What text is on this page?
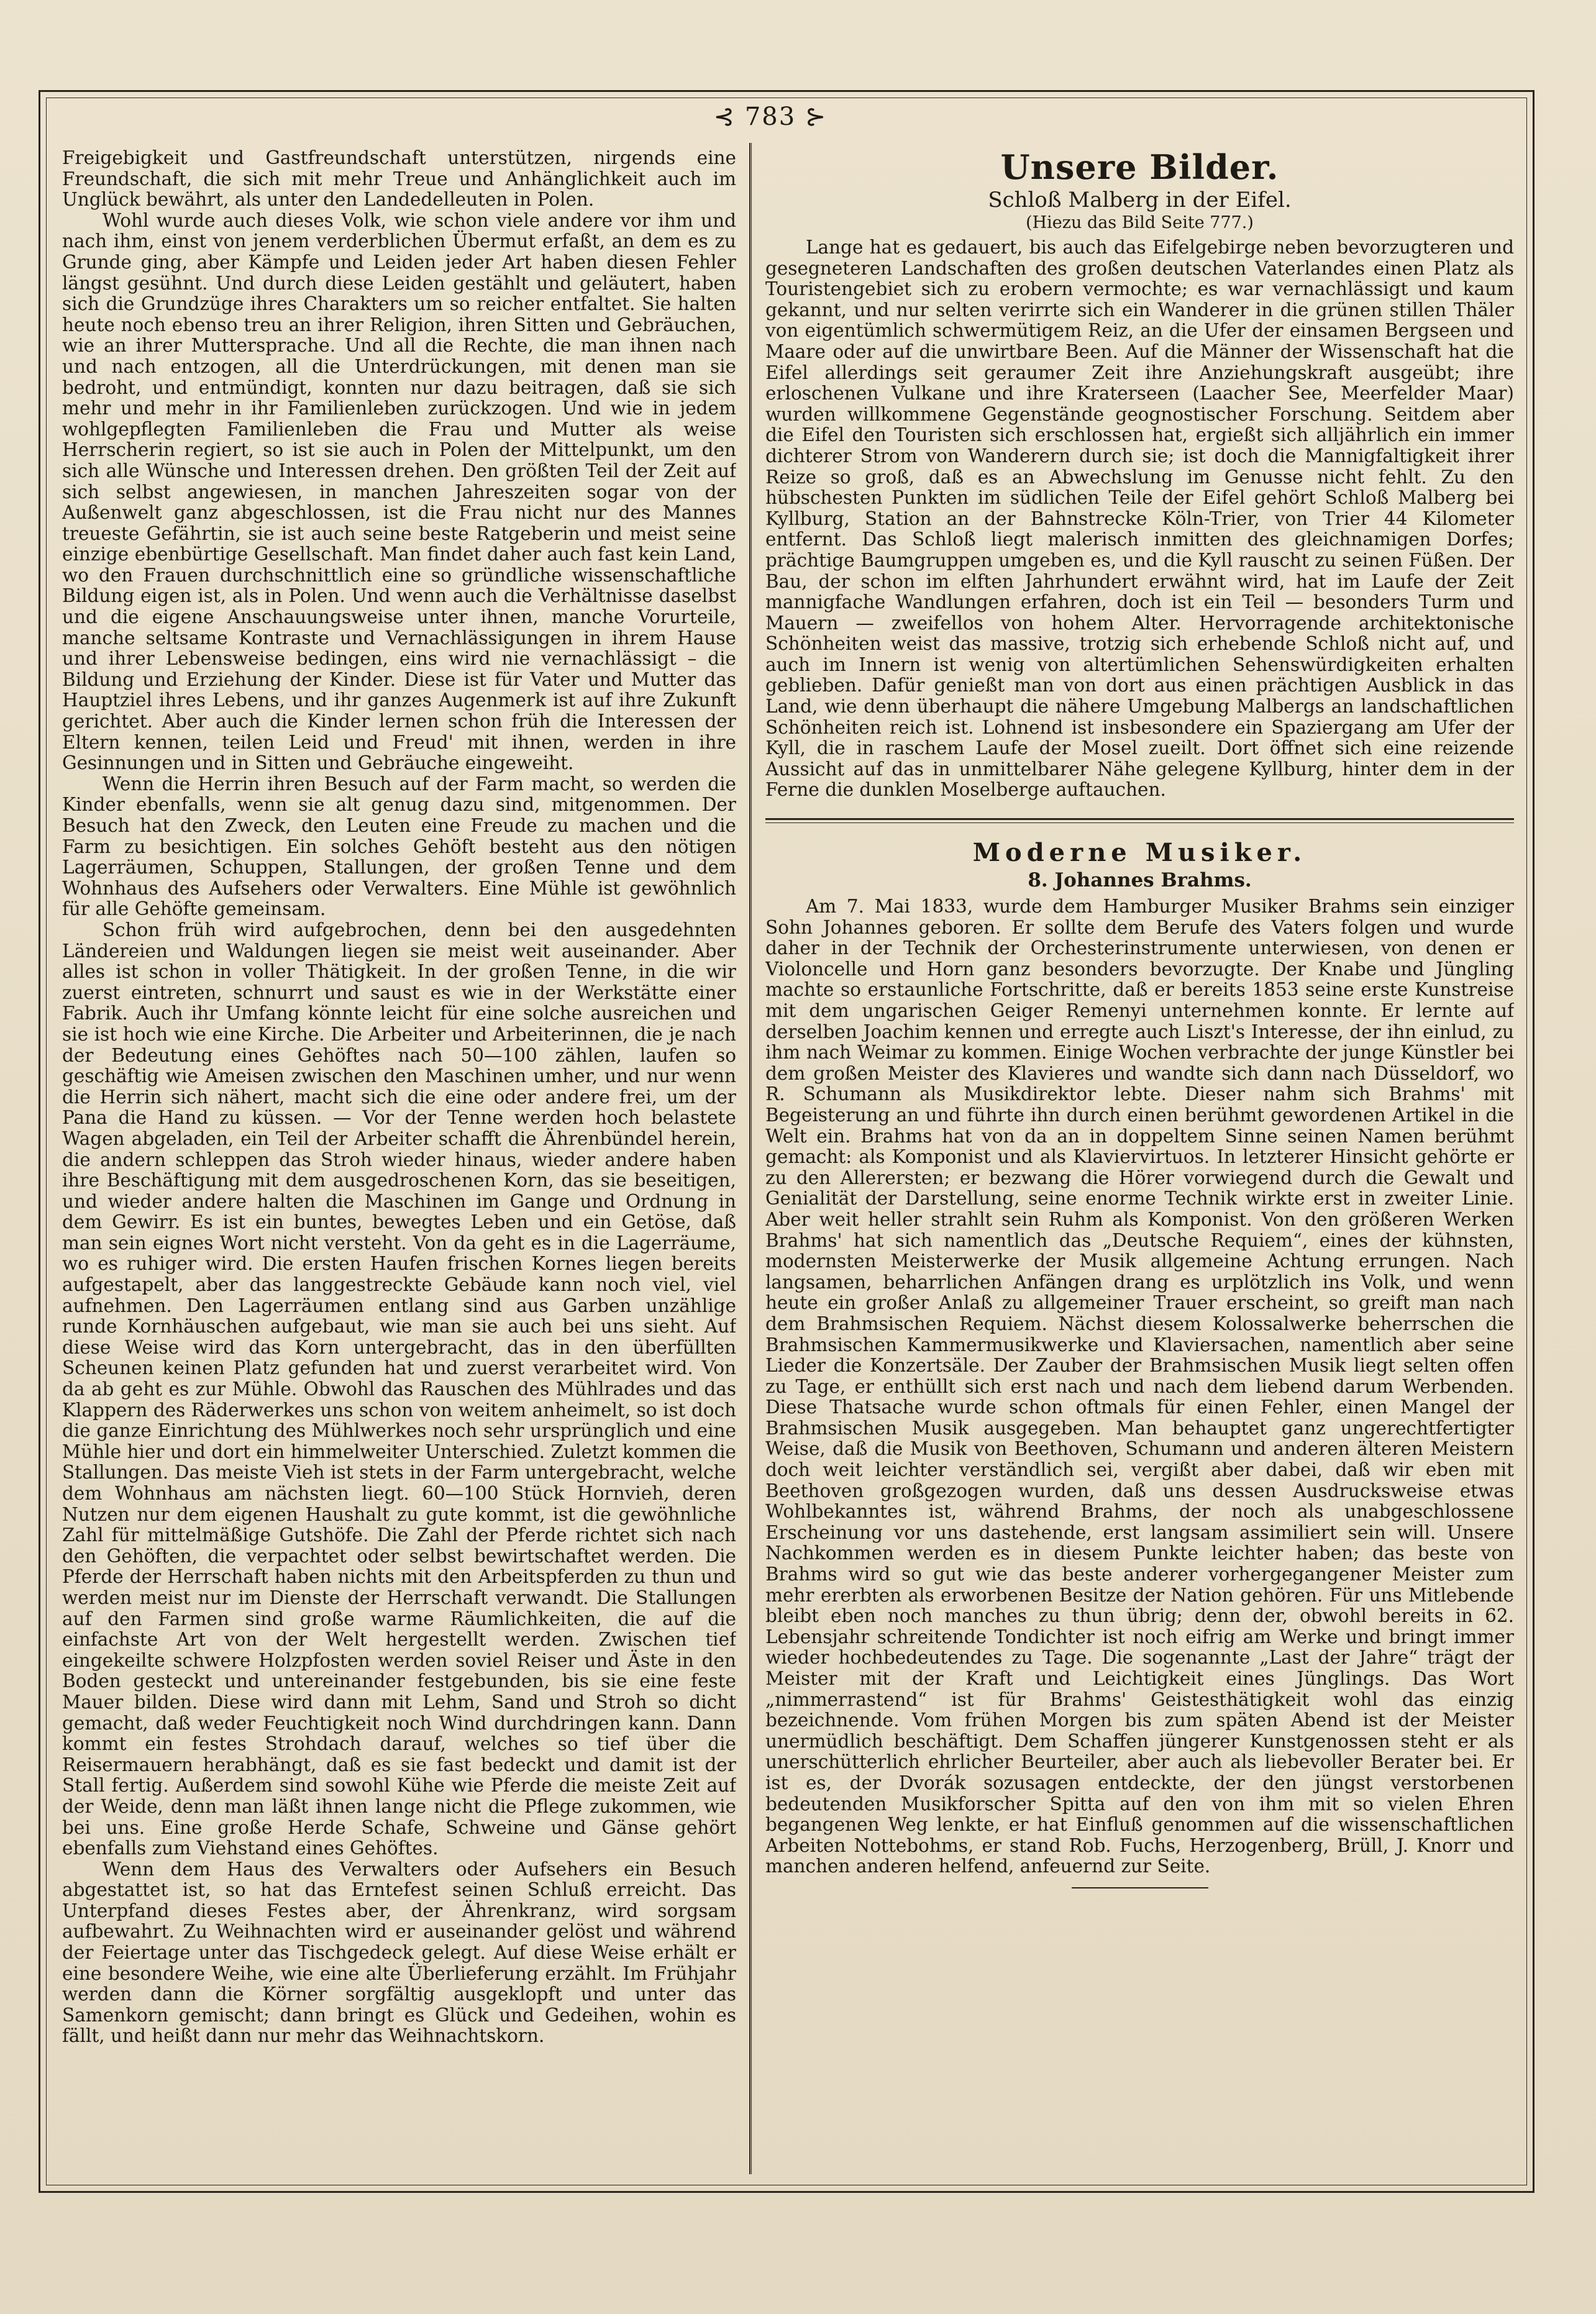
⊰ 783 ⊱

Freigebigkeit und Gastfreundschaft unterstützen, nirgends eine Freundschaft, die sich mit mehr Treue und Anhänglichkeit auch im Unglück bewährt, als unter den Landedelleuten in Polen.

Wohl wurde auch dieses Volk, wie schon viele andere vor ihm und nach ihm, einst von jenem verderblichen Übermut erfaßt, an dem es zu Grunde ging, aber Kämpfe und Leiden jeder Art haben diesen Fehler längst gesühnt. Und durch diese Leiden gestählt und geläutert, haben sich die Grundzüge ihres Charakters um so reicher entfaltet. Sie halten heute noch ebenso treu an ihrer Religion, ihren Sitten und Gebräuchen, wie an ihrer Muttersprache. Und all die Rechte, die man ihnen nach und nach entzogen, all die Unterdrückungen, mit denen man sie bedroht, und entmündigt, konnten nur dazu beitragen, daß sie sich mehr und mehr in ihr Familienleben zurückzogen. Und wie in jedem wohlgepflegten Familienleben die Frau und Mutter als weise Herrscherin regiert, so ist sie auch in Polen der Mittelpunkt, um den sich alle Wünsche und Interessen drehen. Den größten Teil der Zeit auf sich selbst angewiesen, in manchen Jahreszeiten sogar von der Außenwelt ganz abgeschlossen, ist die Frau nicht nur des Mannes treueste Gefährtin, sie ist auch seine beste Ratgeberin und meist seine einzige ebenbürtige Gesellschaft. Man findet daher auch fast kein Land, wo den Frauen durchschnittlich eine so gründliche wissenschaftliche Bildung eigen ist, als in Polen. Und wenn auch die Verhältnisse daselbst und die eigene Anschauungsweise unter ihnen, manche Vorurteile, manche seltsame Kontraste und Vernachlässigungen in ihrem Hause und ihrer Lebensweise bedingen, eins wird nie vernachlässigt – die Bildung und Erziehung der Kinder. Diese ist für Vater und Mutter das Hauptziel ihres Lebens, und ihr ganzes Augenmerk ist auf ihre Zukunft gerichtet. Aber auch die Kinder lernen schon früh die Interessen der Eltern kennen, teilen Leid und Freud' mit ihnen, werden in ihre Gesinnungen und in Sitten und Gebräuche eingeweiht.

Wenn die Herrin ihren Besuch auf der Farm macht, so werden die Kinder ebenfalls, wenn sie alt genug dazu sind, mitgenommen. Der Besuch hat den Zweck, den Leuten eine Freude zu machen und die Farm zu besichtigen. Ein solches Gehöft besteht aus den nötigen Lagerräumen, Schuppen, Stallungen, der großen Tenne und dem Wohnhaus des Aufsehers oder Verwalters. Eine Mühle ist gewöhnlich für alle Gehöfte gemeinsam.

Schon früh wird aufgebrochen, denn bei den ausgedehnten Ländereien und Waldungen liegen sie meist weit auseinander. Aber alles ist schon in voller Thätigkeit. In der großen Tenne, in die wir zuerst eintreten, schnurrt und saust es wie in der Werkstätte einer Fabrik. Auch ihr Umfang könnte leicht für eine solche ausreichen und sie ist hoch wie eine Kirche. Die Arbeiter und Arbeiterinnen, die je nach der Bedeutung eines Gehöftes nach 50—100 zählen, laufen so geschäftig wie Ameisen zwischen den Maschinen umher, und nur wenn die Herrin sich nähert, macht sich die eine oder andere frei, um der Pana die Hand zu küssen. — Vor der Tenne werden hoch belastete Wagen abgeladen, ein Teil der Arbeiter schafft die Ährenbündel herein, die andern schleppen das Stroh wieder hinaus, wieder andere haben ihre Beschäftigung mit dem ausgedroschenen Korn, das sie beseitigen, und wieder andere halten die Maschinen im Gange und Ordnung in dem Gewirr. Es ist ein buntes, bewegtes Leben und ein Getöse, daß man sein eignes Wort nicht versteht. Von da geht es in die Lagerräume, wo es ruhiger wird. Die ersten Haufen frischen Kornes liegen bereits aufgestapelt, aber das langgestreckte Gebäude kann noch viel, viel aufnehmen. Den Lagerräumen entlang sind aus Garben unzählige runde Kornhäuschen aufgebaut, wie man sie auch bei uns sieht. Auf diese Weise wird das Korn untergebracht, das in den überfüllten Scheunen keinen Platz gefunden hat und zuerst verarbeitet wird. Von da ab geht es zur Mühle. Obwohl das Rauschen des Mühlrades und das Klappern des Räderwerkes uns schon von weitem anheimelt, so ist doch die ganze Einrichtung des Mühlwerkes noch sehr ursprünglich und eine Mühle hier und dort ein himmelweiter Unterschied. Zuletzt kommen die Stallungen. Das meiste Vieh ist stets in der Farm untergebracht, welche dem Wohnhaus am nächsten liegt. 60—100 Stück Hornvieh, deren Nutzen nur dem eigenen Haushalt zu gute kommt, ist die gewöhnliche Zahl für mittelmäßige Gutshöfe. Die Zahl der Pferde richtet sich nach den Gehöften, die verpachtet oder selbst bewirtschaftet werden. Die Pferde der Herrschaft haben nichts mit den Arbeitspferden zu thun und werden meist nur im Dienste der Herrschaft verwandt. Die Stallungen auf den Farmen sind große warme Räumlichkeiten, die auf die einfachste Art von der Welt hergestellt werden. Zwischen tief eingekeilte schwere Holzpfosten werden soviel Reiser und Äste in den Boden gesteckt und untereinander festgebunden, bis sie eine feste Mauer bilden. Diese wird dann mit Lehm, Sand und Stroh so dicht gemacht, daß weder Feuchtigkeit noch Wind durchdringen kann. Dann kommt ein festes Strohdach darauf, welches so tief über die Reisermauern herabhängt, daß es sie fast bedeckt und damit ist der Stall fertig. Außerdem sind sowohl Kühe wie Pferde die meiste Zeit auf der Weide, denn man läßt ihnen lange nicht die Pflege zukommen, wie bei uns. Eine große Herde Schafe, Schweine und Gänse gehört ebenfalls zum Viehstand eines Gehöftes.

Wenn dem Haus des Verwalters oder Aufsehers ein Besuch abgestattet ist, so hat das Erntefest seinen Schluß erreicht. Das Unterpfand dieses Festes aber, der Ährenkranz, wird sorgsam aufbewahrt. Zu Weihnachten wird er auseinander gelöst und während der Feiertage unter das Tischgedeck gelegt. Auf diese Weise erhält er eine besondere Weihe, wie eine alte Überlieferung erzählt. Im Frühjahr werden dann die Körner sorgfältig ausgeklopft und unter das Samenkorn gemischt; dann bringt es Glück und Gedeihen, wohin es fällt, und heißt dann nur mehr das Weihnachtskorn.

Unsere Bilder.
Schloß Malberg in der Eifel.
(Hiezu das Bild Seite 777.)

Lange hat es gedauert, bis auch das Eifelgebirge neben bevorzugteren und gesegneteren Landschaften des großen deutschen Vaterlandes einen Platz als Touristengebiet sich zu erobern vermochte; es war vernachlässigt und kaum gekannt, und nur selten verirrte sich ein Wanderer in die grünen stillen Thäler von eigentümlich schwermütigem Reiz, an die Ufer der einsamen Bergseen und Maare oder auf die unwirtbare Been. Auf die Männer der Wissenschaft hat die Eifel allerdings seit geraumer Zeit ihre Anziehungskraft ausgeübt; ihre erloschenen Vulkane und ihre Kraterseen (Laacher See, Meerfelder Maar) wurden willkommene Gegenstände geognostischer Forschung. Seitdem aber die Eifel den Touristen sich erschlossen hat, ergießt sich alljährlich ein immer dichterer Strom von Wanderern durch sie; ist doch die Mannigfaltigkeit ihrer Reize so groß, daß es an Abwechslung im Genusse nicht fehlt. Zu den hübschesten Punkten im südlichen Teile der Eifel gehört Schloß Malberg bei Kyllburg, Station an der Bahnstrecke Köln-Trier, von Trier 44 Kilometer entfernt. Das Schloß liegt malerisch inmitten des gleichnamigen Dorfes; prächtige Baumgruppen umgeben es, und die Kyll rauscht zu seinen Füßen. Der Bau, der schon im elften Jahrhundert erwähnt wird, hat im Laufe der Zeit mannigfache Wandlungen erfahren, doch ist ein Teil — besonders Turm und Mauern — zweifellos von hohem Alter. Hervorragende architektonische Schönheiten weist das massive, trotzig sich erhebende Schloß nicht auf, und auch im Innern ist wenig von altertümlichen Sehenswürdigkeiten erhalten geblieben. Dafür genießt man von dort aus einen prächtigen Ausblick in das Land, wie denn überhaupt die nähere Umgebung Malbergs an landschaftlichen Schönheiten reich ist. Lohnend ist insbesondere ein Spaziergang am Ufer der Kyll, die in raschem Laufe der Mosel zueilt. Dort öffnet sich eine reizende Aussicht auf das in unmittelbarer Nähe gelegene Kyllburg, hinter dem in der Ferne die dunklen Moselberge auftauchen.

Moderne Musiker.
8. Johannes Brahms.

Am 7. Mai 1833, wurde dem Hamburger Musiker Brahms sein einziger Sohn Johannes geboren. Er sollte dem Berufe des Vaters folgen und wurde daher in der Technik der Orchesterinstrumente unterwiesen, von denen er Violoncelle und Horn ganz besonders bevorzugte. Der Knabe und Jüngling machte so erstaunliche Fortschritte, daß er bereits 1853 seine erste Kunstreise mit dem ungarischen Geiger Remenyi unternehmen konnte. Er lernte auf derselben Joachim kennen und erregte auch Liszt's Interesse, der ihn einlud, zu ihm nach Weimar zu kommen. Einige Wochen verbrachte der junge Künstler bei dem großen Meister des Klavieres und wandte sich dann nach Düsseldorf, wo R. Schumann als Musikdirektor lebte. Dieser nahm sich Brahms' mit Begeisterung an und führte ihn durch einen berühmt gewordenen Artikel in die Welt ein. Brahms hat von da an in doppeltem Sinne seinen Namen berühmt gemacht: als Komponist und als Klaviervirtuos. In letzterer Hinsicht gehörte er zu den Allerersten; er bezwang die Hörer vorwiegend durch die Gewalt und Genialität der Darstellung, seine enorme Technik wirkte erst in zweiter Linie. Aber weit heller strahlt sein Ruhm als Komponist. Von den größeren Werken Brahms' hat sich namentlich das „Deutsche Requiem“, eines der kühnsten, modernsten Meisterwerke der Musik allgemeine Achtung errungen. Nach langsamen, beharrlichen Anfängen drang es urplötzlich ins Volk, und wenn heute ein großer Anlaß zu allgemeiner Trauer erscheint, so greift man nach dem Brahmsischen Requiem. Nächst diesem Kolossalwerke beherrschen die Brahmsischen Kammermusikwerke und Klaviersachen, namentlich aber seine Lieder die Konzertsäle. Der Zauber der Brahmsischen Musik liegt selten offen zu Tage, er enthüllt sich erst nach und nach dem liebend darum Werbenden. Diese Thatsache wurde schon oftmals für einen Fehler, einen Mangel der Brahmsischen Musik ausgegeben. Man behauptet ganz ungerechtfertigter Weise, daß die Musik von Beethoven, Schumann und anderen älteren Meistern doch weit leichter verständlich sei, vergißt aber dabei, daß wir eben mit Beethoven großgezogen wurden, daß uns dessen Ausdrucksweise etwas Wohlbekanntes ist, während Brahms, der noch als unabgeschlossene Erscheinung vor uns dastehende, erst langsam assimiliert sein will. Unsere Nachkommen werden es in diesem Punkte leichter haben; das beste von Brahms wird so gut wie das beste anderer vorhergegangener Meister zum mehr ererbten als erworbenen Besitze der Nation gehören. Für uns Mitlebende bleibt eben noch manches zu thun übrig; denn der, obwohl bereits in 62. Lebensjahr schreitende Tondichter ist noch eifrig am Werke und bringt immer wieder hochbedeutendes zu Tage. Die sogenannte „Last der Jahre“ trägt der Meister mit der Kraft und Leichtigkeit eines Jünglings. Das Wort „nimmerrastend“ ist für Brahms' Geistesthätigkeit wohl das einzig bezeichnende. Vom frühen Morgen bis zum späten Abend ist der Meister unermüdlich beschäftigt. Dem Schaffen jüngerer Kunstgenossen steht er als unerschütterlich ehrlicher Beurteiler, aber auch als liebevoller Berater bei. Er ist es, der Dvorák sozusagen entdeckte, der den jüngst verstorbenen bedeutenden Musikforscher Spitta auf den von ihm mit so vielen Ehren begangenen Weg lenkte, er hat Einfluß genommen auf die wissenschaftlichen Arbeiten Nottebohms, er stand Rob. Fuchs, Herzogenberg, Brüll, J. Knorr und manchen anderen helfend, anfeuernd zur Seite.
